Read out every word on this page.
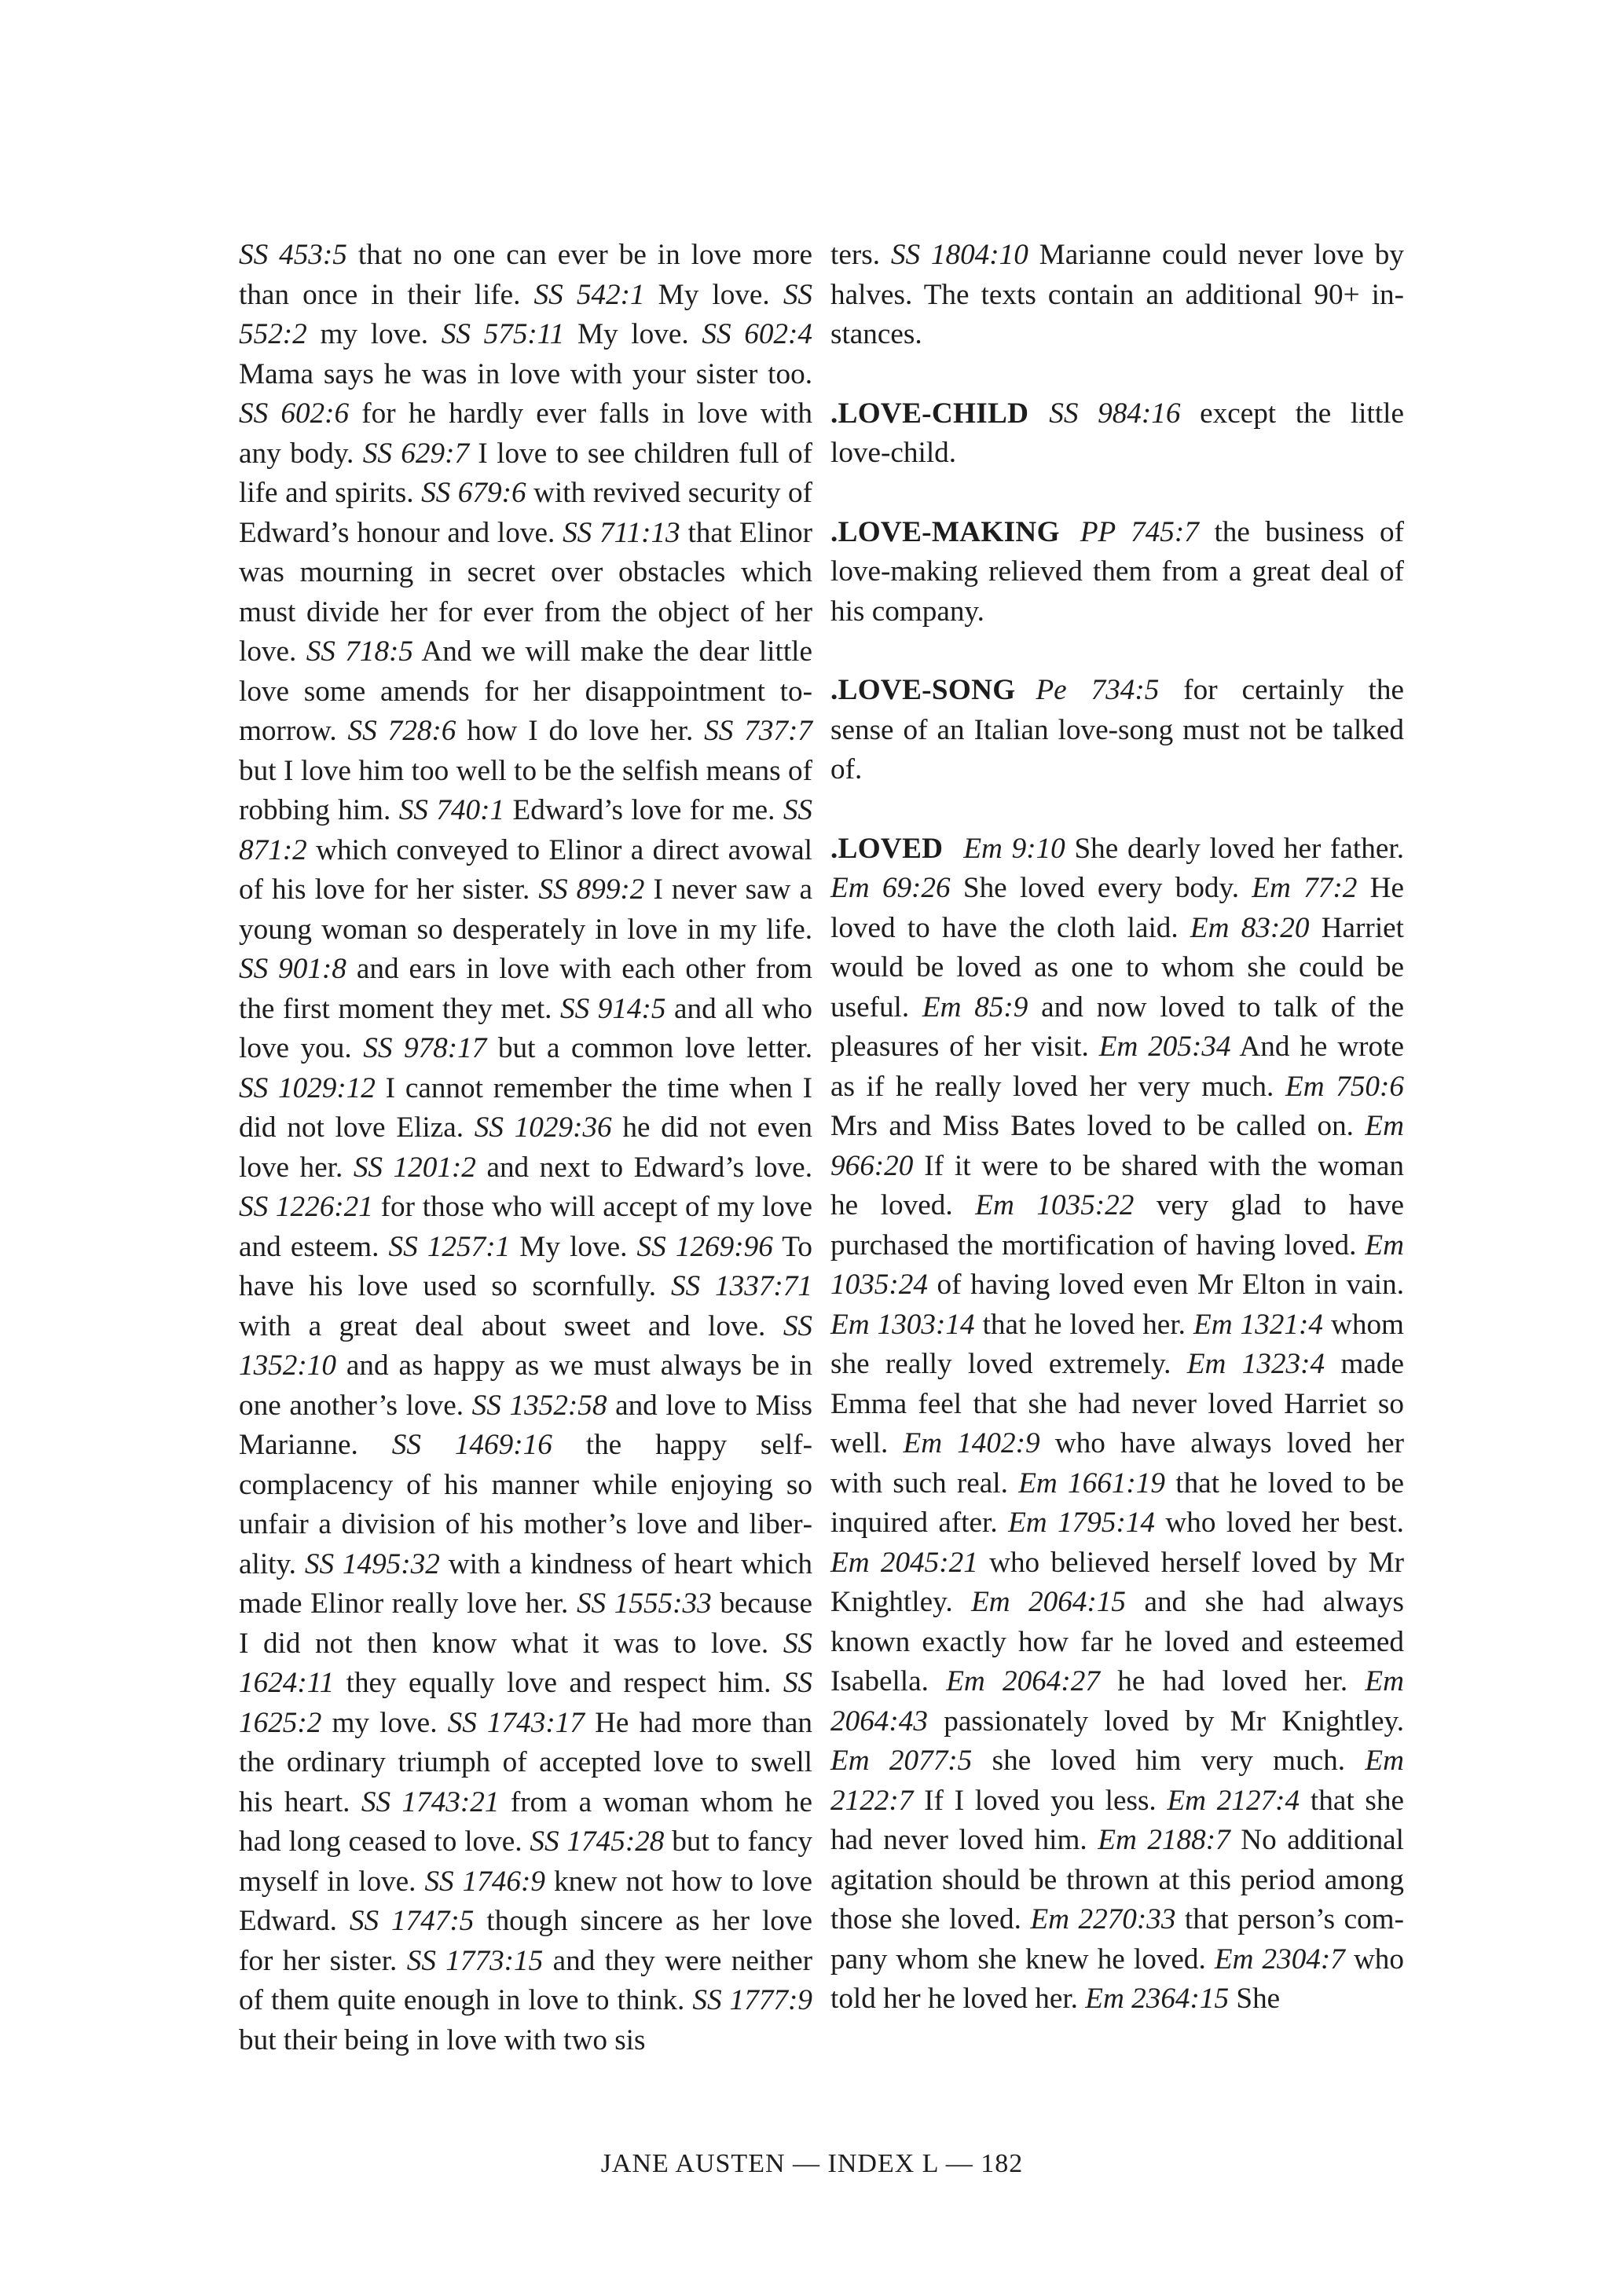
SS 453:5 that no one can ever be in love more than once in their life. SS 542:1 My love. SS 552:2 my love. SS 575:11 My love. SS 602:4 Mama says he was in love with your sister too. SS 602:6 for he hardly ever falls in love with any body. SS 629:7 I love to see children full of life and spirits. SS 679:6 with revived security of Edward’s honour and love. SS 711:13 that Elinor was mourning in secret over obstacles which must divide her for ever from the object of her love. SS 718:5 And we will make the dear little love some amends for her disappointment to-morrow. SS 728:6 how I do love her. SS 737:7 but I love him too well to be the selfish means of robbing him. SS 740:1 Edward’s love for me. SS 871:2 which conveyed to Elinor a direct avowal of his love for her sister. SS 899:2 I never saw a young woman so desperately in love in my life. SS 901:8 and ears in love with each other from the first moment they met. SS 914:5 and all who love you. SS 978:17 but a common love letter. SS 1029:12 I cannot remember the time when I did not love Eliza. SS 1029:36 he did not even love her. SS 1201:2 and next to Edward’s love. SS 1226:21 for those who will accept of my love and esteem. SS 1257:1 My love. SS 1269:96 To have his love used so scornfully. SS 1337:71 with a great deal about sweet and love. SS 1352:10 and as happy as we must always be in one another’s love. SS 1352:58 and love to Miss Marianne. SS 1469:16 the happy self-complacency of his manner while enjoying so unfair a division of his mother’s love and liberality. SS 1495:32 with a kindness of heart which made Elinor really love her. SS 1555:33 because I did not then know what it was to love. SS 1624:11 they equally love and respect him. SS 1625:2 my love. SS 1743:17 He had more than the ordinary triumph of accepted love to swell his heart. SS 1743:21 from a woman whom he had long ceased to love. SS 1745:28 but to fancy myself in love. SS 1746:9 knew not how to love Edward. SS 1747:5 though sincere as her love for her sister. SS 1773:15 and they were neither of them quite enough in love to think. SS 1777:9 but their being in love with two sis

ters. SS 1804:10 Marianne could never love by halves. The texts contain an additional 90+ instances.

.LOVE-CHILD SS 984:16 except the little love-child.

.LOVE-MAKING PP 745:7 the business of love-making relieved them from a great deal of his company.

.LOVE-SONG Pe 734:5 for certainly the sense of an Italian love-song must not be talked of.

.LOVED Em 9:10 She dearly loved her father. Em 69:26 She loved every body. Em 77:2 He loved to have the cloth laid. Em 83:20 Harriet would be loved as one to whom she could be useful. Em 85:9 and now loved to talk of the pleasures of her visit. Em 205:34 And he wrote as if he really loved her very much. Em 750:6 Mrs and Miss Bates loved to be called on. Em 966:20 If it were to be shared with the woman he loved. Em 1035:22 very glad to have purchased the mortification of having loved. Em 1035:24 of having loved even Mr Elton in vain. Em 1303:14 that he loved her. Em 1321:4 whom she really loved extremely. Em 1323:4 made Emma feel that she had never loved Harriet so well. Em 1402:9 who have always loved her with such real. Em 1661:19 that he loved to be inquired after. Em 1795:14 who loved her best. Em 2045:21 who believed herself loved by Mr Knightley. Em 2064:15 and she had always known exactly how far he loved and esteemed Isabella. Em 2064:27 he had loved her. Em 2064:43 passionately loved by Mr Knightley. Em 2077:5 she loved him very much. Em 2122:7 If I loved you less. Em 2127:4 that she had never loved him. Em 2188:7 No additional agitation should be thrown at this period among those she loved. Em 2270:33 that person’s company whom she knew he loved. Em 2304:7 who told her he loved her. Em 2364:15 She

JANE AUSTEN — INDEX L — 182
